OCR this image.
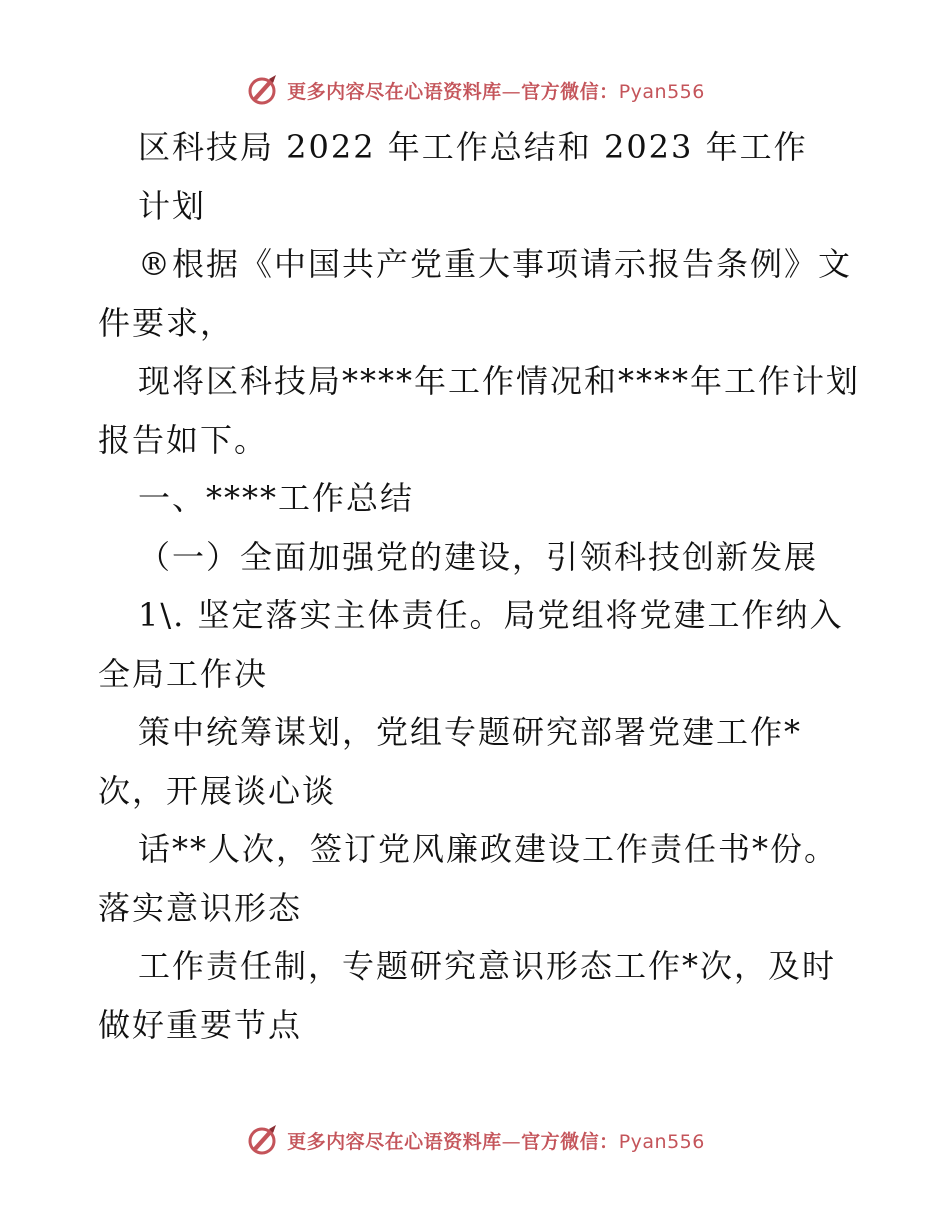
更多内容尽在心语资料库—官方微信：Pyan556
区科技局 2022 年工作总结和 2023 年工作
计划
®根据《中国共产党重大事项请示报告条例》文
件要求，
现将区科技局****年工作情况和****年工作计划
报告如下。
一、****工作总结
（一）全面加强党的建设，引领科技创新发展
1\. 坚定落实主体责任。局党组将党建工作纳入
全局工作决
策中统筹谋划，党组专题研究部署党建工作*
次，开展谈心谈
话**人次，签订党风廉政建设工作责任书*份。
落实意识形态
工作责任制，专题研究意识形态工作*次，及时
做好重要节点
更多内容尽在心语资料库—官方微信：Pyan556
